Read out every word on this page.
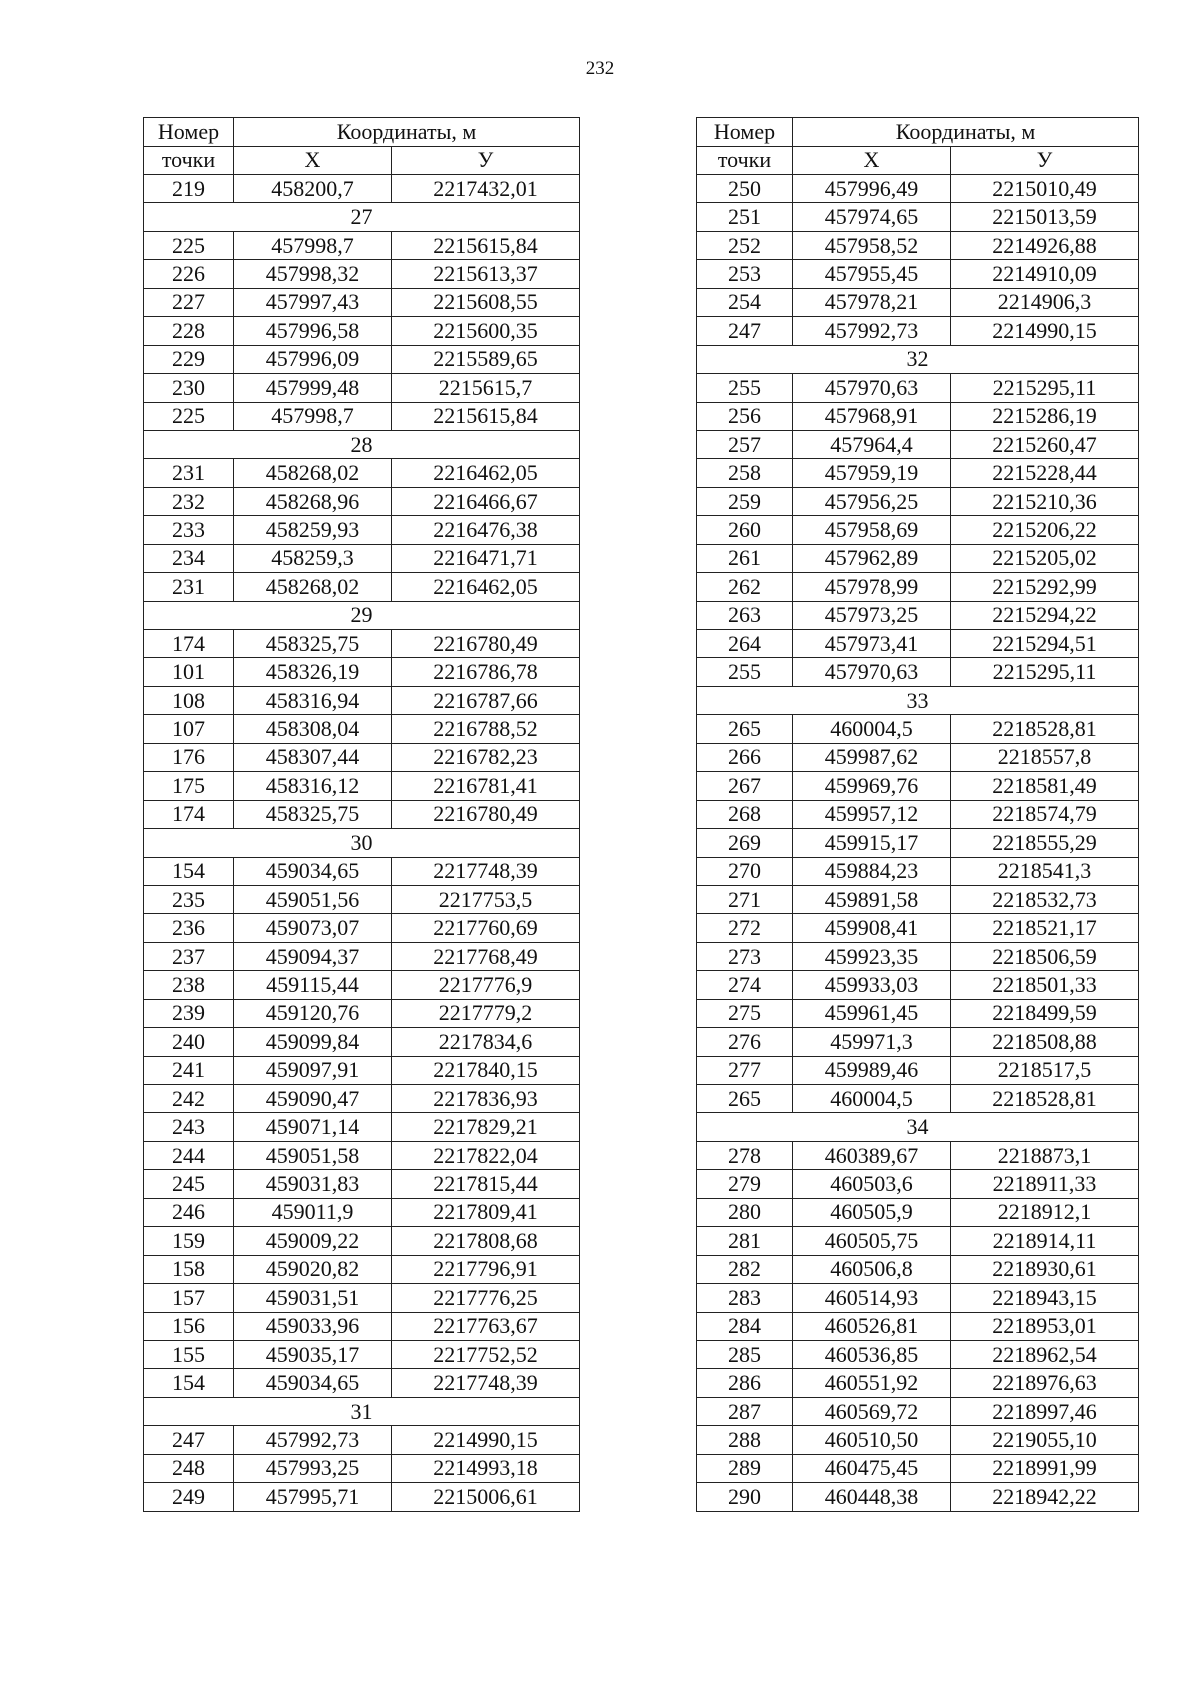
232
Номер	Координаты, м	
точки	X	У
219	458200,7	2217432,01
27		
225	457998,7	2215615,84
226	457998,32	2215613,37
227	457997,43	2215608,55
228	457996,58	2215600,35
229	457996,09	2215589,65
230	457999,48	2215615,7
225	457998,7	2215615,84
28		
231	458268,02	2216462,05
232	458268,96	2216466,67
233	458259,93	2216476,38
234	458259,3	2216471,71
231	458268,02	2216462,05
29		
174	458325,75	2216780,49
101	458326,19	2216786,78
108	458316,94	2216787,66
107	458308,04	2216788,52
176	458307,44	2216782,23
175	458316,12	2216781,41
174	458325,75	2216780,49
30		
154	459034,65	2217748,39
235	459051,56	2217753,5
236	459073,07	2217760,69
237	459094,37	2217768,49
238	459115,44	2217776,9
239	459120,76	2217779,2
240	459099,84	2217834,6
241	459097,91	2217840,15
242	459090,47	2217836,93
243	459071,14	2217829,21
244	459051,58	2217822,04
245	459031,83	2217815,44
246	459011,9	2217809,41
159	459009,22	2217808,68
158	459020,82	2217796,91
157	459031,51	2217776,25
156	459033,96	2217763,67
155	459035,17	2217752,52
154	459034,65	2217748,39
31		
247	457992,73	2214990,15
248	457993,25	2214993,18
249	457995,71	2215006,61
Номер	Координаты, м	
точки	X	У
250	457996,49	2215010,49
251	457974,65	2215013,59
252	457958,52	2214926,88
253	457955,45	2214910,09
254	457978,21	2214906,3
247	457992,73	2214990,15
32		
255	457970,63	2215295,11
256	457968,91	2215286,19
257	457964,4	2215260,47
258	457959,19	2215228,44
259	457956,25	2215210,36
260	457958,69	2215206,22
261	457962,89	2215205,02
262	457978,99	2215292,99
263	457973,25	2215294,22
264	457973,41	2215294,51
255	457970,63	2215295,11
33		
265	460004,5	2218528,81
266	459987,62	2218557,8
267	459969,76	2218581,49
268	459957,12	2218574,79
269	459915,17	2218555,29
270	459884,23	2218541,3
271	459891,58	2218532,73
272	459908,41	2218521,17
273	459923,35	2218506,59
274	459933,03	2218501,33
275	459961,45	2218499,59
276	459971,3	2218508,88
277	459989,46	2218517,5
265	460004,5	2218528,81
34		
278	460389,67	2218873,1
279	460503,6	2218911,33
280	460505,9	2218912,1
281	460505,75	2218914,11
282	460506,8	2218930,61
283	460514,93	2218943,15
284	460526,81	2218953,01
285	460536,85	2218962,54
286	460551,92	2218976,63
287	460569,72	2218997,46
288	460510,50	2219055,10
289	460475,45	2218991,99
290	460448,38	2218942,22
